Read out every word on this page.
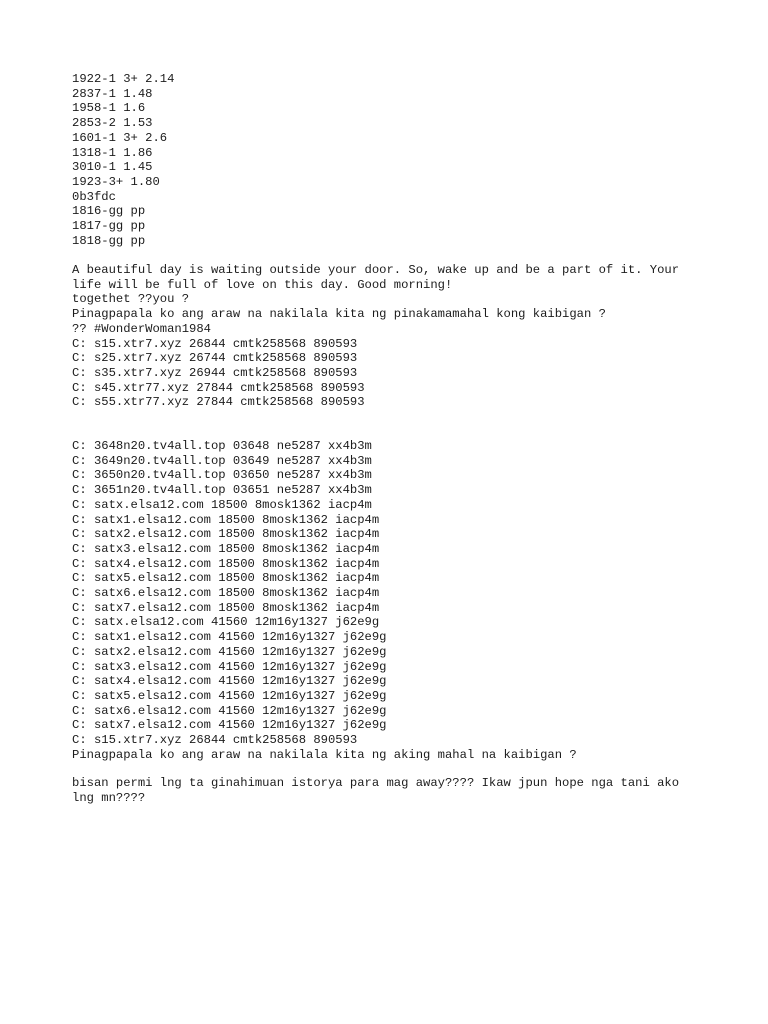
1922-1 3+ 2.14
2837-1 1.48
1958-1 1.6
2853-2 1.53
1601-1 3+ 2.6
1318-1 1.86
3010-1 1.45
1923-3+ 1.80
0b3fdc
1816-gg pp
1817-gg pp
1818-gg pp
A beautiful day is waiting outside your door. So, wake up and be a part of it. Your life will be full of love on this day. Good morning!
togethet ??you ?
Pinagpapala ko ang araw na nakilala kita ng pinakamamahal kong kaibigan ?
?? #WonderWoman1984
C: s15.xtr7.xyz 26844 cmtk258568 890593
C: s25.xtr7.xyz 26744 cmtk258568 890593
C: s35.xtr7.xyz 26944 cmtk258568 890593
C: s45.xtr77.xyz 27844 cmtk258568 890593
C: s55.xtr77.xyz 27844 cmtk258568 890593
C: 3648n20.tv4all.top 03648 ne5287 xx4b3m
C: 3649n20.tv4all.top 03649 ne5287 xx4b3m
C: 3650n20.tv4all.top 03650 ne5287 xx4b3m
C: 3651n20.tv4all.top 03651 ne5287 xx4b3m
C: satx.elsa12.com 18500 8mosk1362 iacp4m
C: satx1.elsa12.com 18500 8mosk1362 iacp4m
C: satx2.elsa12.com 18500 8mosk1362 iacp4m
C: satx3.elsa12.com 18500 8mosk1362 iacp4m
C: satx4.elsa12.com 18500 8mosk1362 iacp4m
C: satx5.elsa12.com 18500 8mosk1362 iacp4m
C: satx6.elsa12.com 18500 8mosk1362 iacp4m
C: satx7.elsa12.com 18500 8mosk1362 iacp4m
C: satx.elsa12.com 41560 12m16y1327 j62e9g
C: satx1.elsa12.com 41560 12m16y1327 j62e9g
C: satx2.elsa12.com 41560 12m16y1327 j62e9g
C: satx3.elsa12.com 41560 12m16y1327 j62e9g
C: satx4.elsa12.com 41560 12m16y1327 j62e9g
C: satx5.elsa12.com 41560 12m16y1327 j62e9g
C: satx6.elsa12.com 41560 12m16y1327 j62e9g
C: satx7.elsa12.com 41560 12m16y1327 j62e9g
C: s15.xtr7.xyz 26844 cmtk258568 890593
Pinagpapala ko ang araw na nakilala kita ng aking mahal na kaibigan ?
bisan permi lng ta ginahimuan istorya para mag away???? Ikaw jpun hope nga tani ako lng mn????
